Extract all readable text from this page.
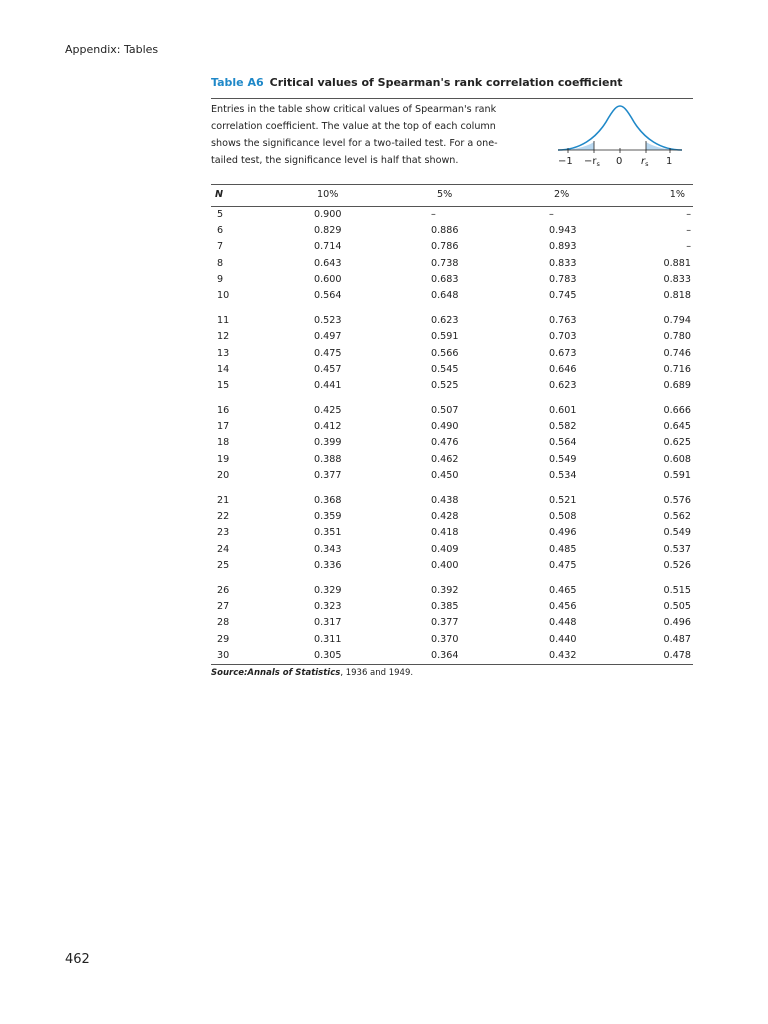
Appendix: Tables
Table A6 Critical values of Spearman's rank correlation coefficient
Entries in the table show critical values of Spearman's rank correlation coefficient. The value at the top of each column shows the significance level for a two-tailed test. For a one-tailed test, the significance level is half that shown.	$-1 -r_s$ 0 $r_s$ 1
N	10%	5%	2%	1%
5	0.900	–	–	–
6	0.829	0.886	0.943	–
7	0.714	0.786	0.893	–
8	0.643	0.738	0.833	0.881
9	0.600	0.683	0.783	0.833
10	0.564	0.648	0.745	0.818
11	0.523	0.623	0.763	0.794
12	0.497	0.591	0.703	0.780
13	0.475	0.566	0.673	0.746
14	0.457	0.545	0.646	0.716
15	0.441	0.525	0.623	0.689
16	0.425	0.507	0.601	0.666
17	0.412	0.490	0.582	0.645
18	0.399	0.476	0.564	0.625
19	0.388	0.462	0.549	0.608
20	0.377	0.450	0.534	0.591
21	0.368	0.438	0.521	0.576
22	0.359	0.428	0.508	0.562
23	0.351	0.418	0.496	0.549
24	0.343	0.409	0.485	0.537
25	0.336	0.400	0.475	0.526
26	0.329	0.392	0.465	0.515
27	0.323	0.385	0.456	0.505
28	0.317	0.377	0.448	0.496
29	0.311	0.370	0.440	0.487
30	0.305	0.364	0.432	0.478
Source:Annals of Statistics, 1936 and 1949.
462
